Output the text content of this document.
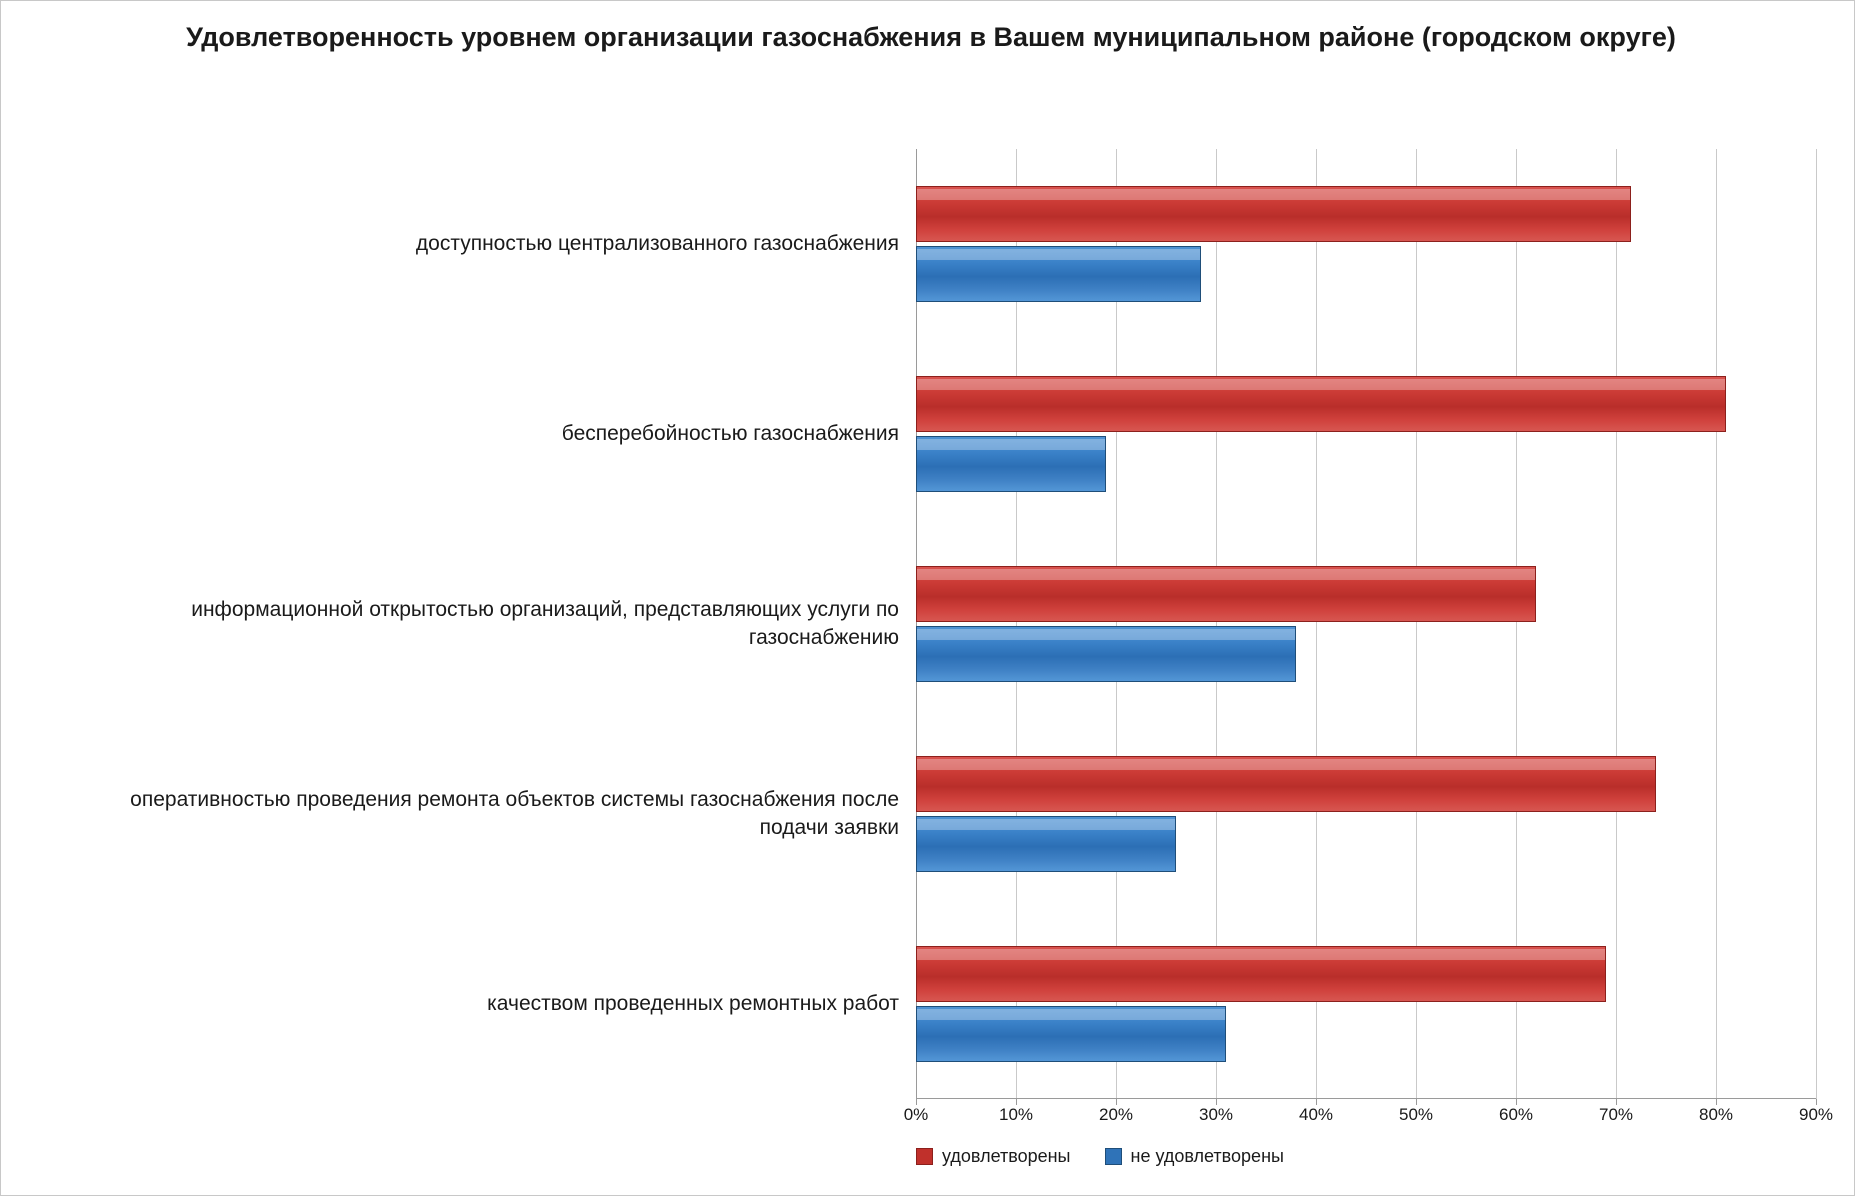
Удовлетворенность уровнем организации газоснабжения в Вашем муниципальном районе (городском округе)
0%	10%	20%	30%	40%	50%	60%	70%	80%	90%
доступностью централизованного газоснабжения
бесперебойностью газоснабжения
информационной открытостью организаций, представляющих услуги по газоснабжению
оперативностью проведения ремонта объектов системы газоснабжения после подачи заявки
качеством проведенных ремонтных работ
удовлетворены	не удовлетворены
